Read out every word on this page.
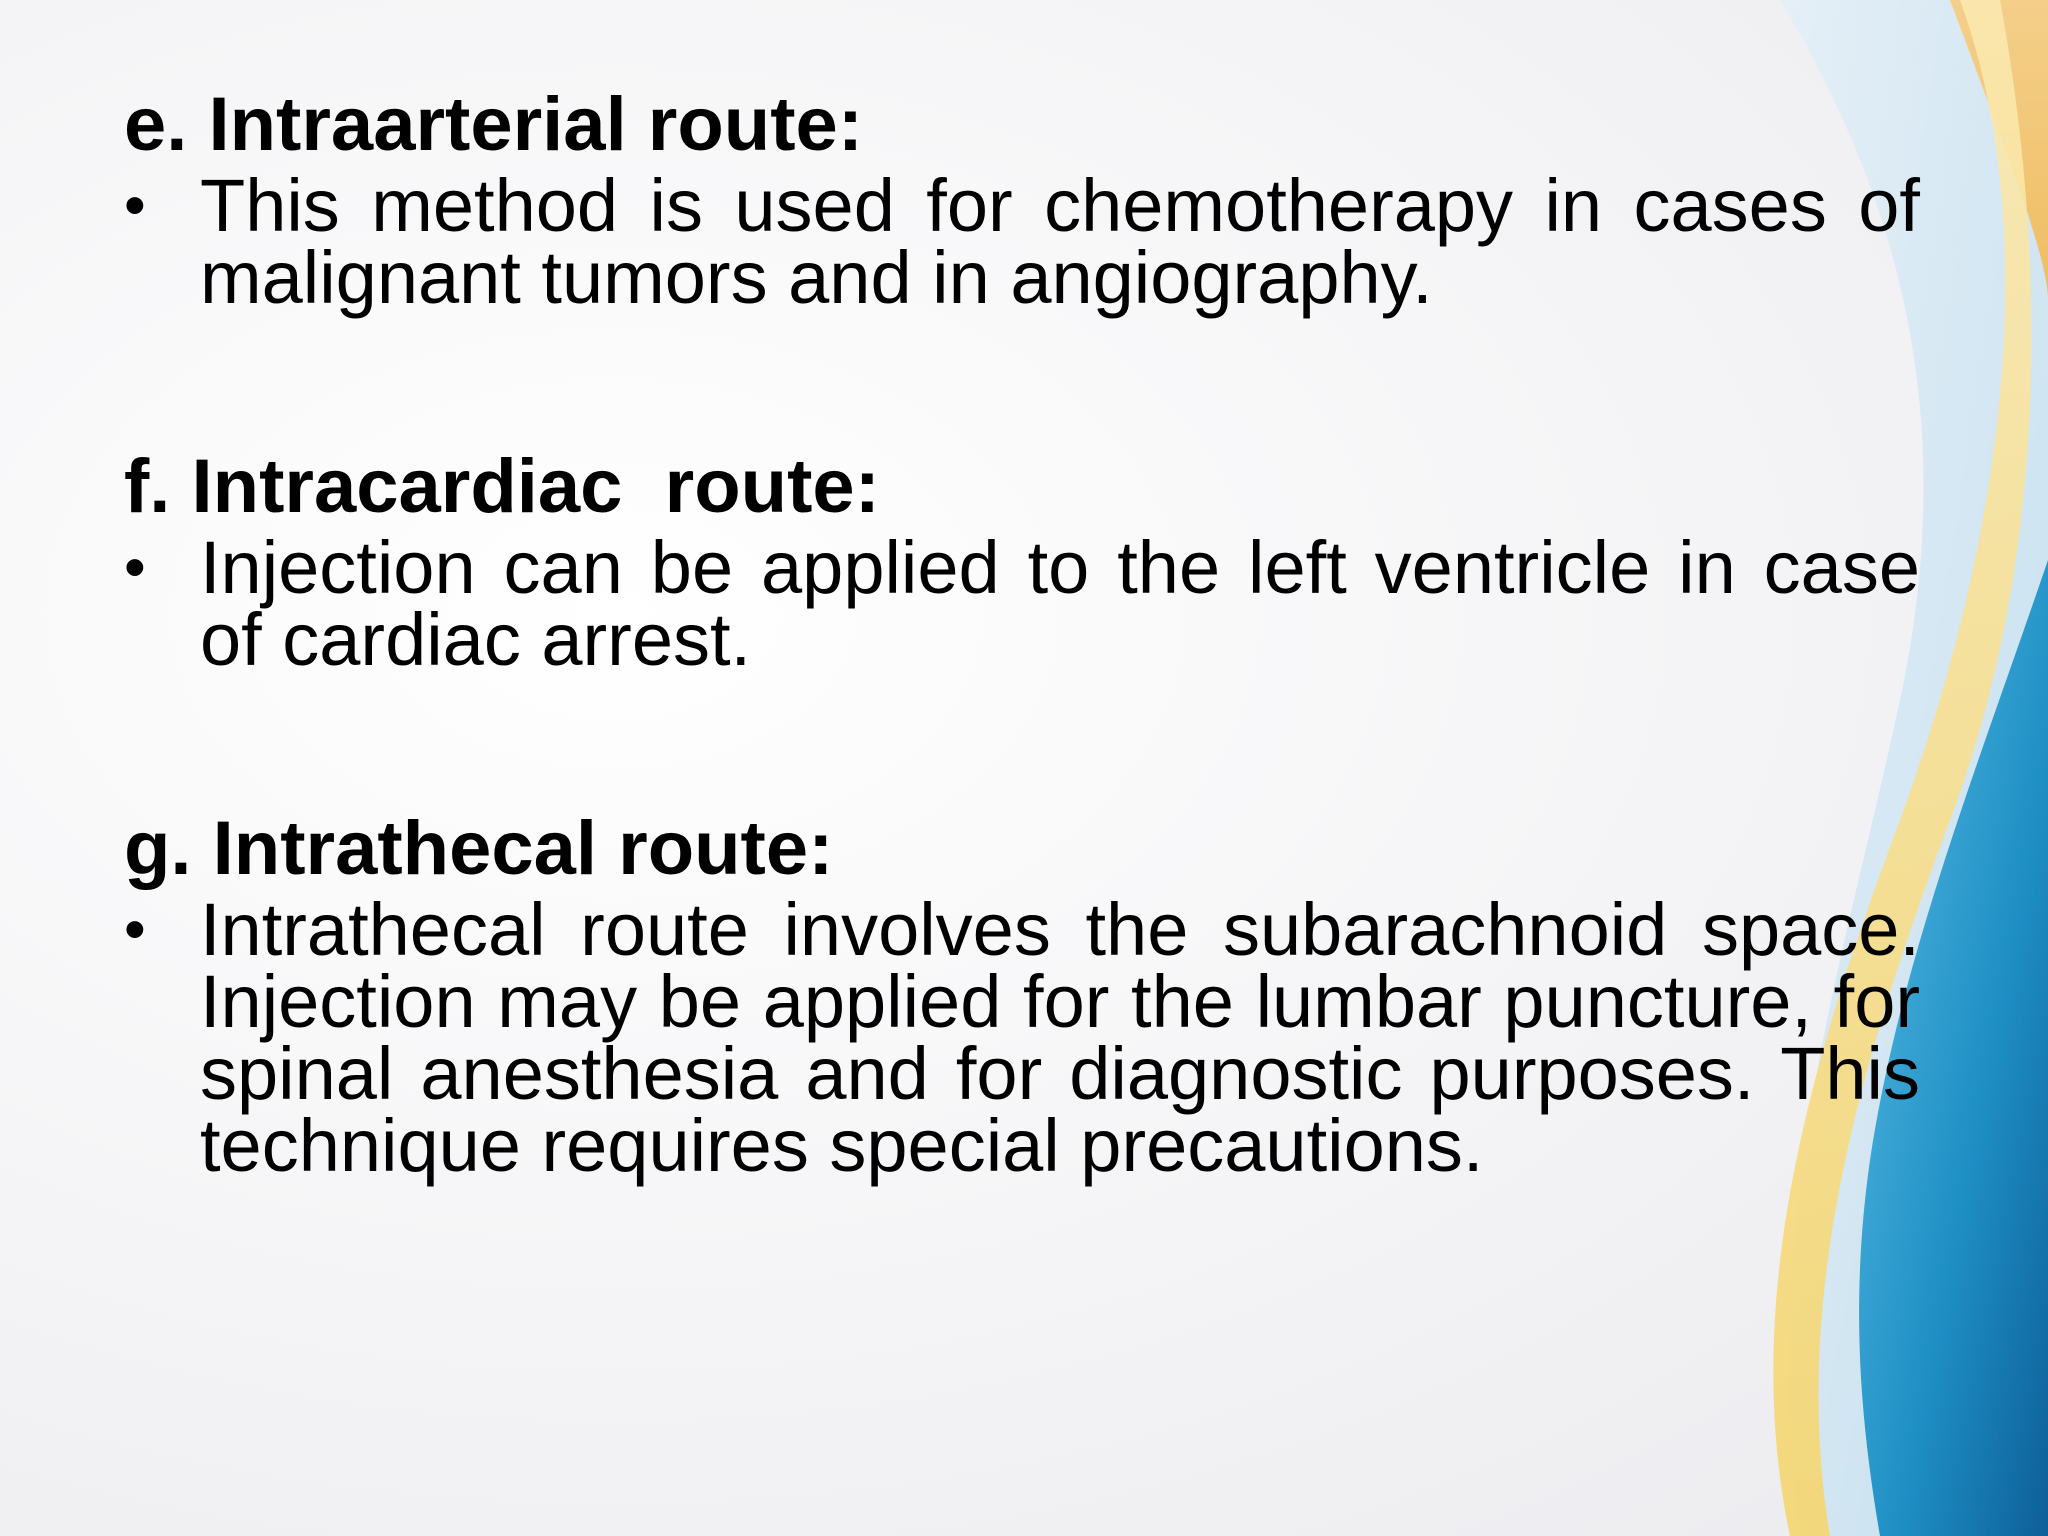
e. Intraarterial route:
• This method is used for chemotherapy in cases of malignant tumors and in angiography.
f. Intracardiac  route:
• Injection can be applied to the left ventricle in case of cardiac arrest.
g. Intrathecal route:
• Intrathecal route involves the subarachnoid space. Injection may be applied for the lumbar puncture, for spinal anesthesia and for diagnostic purposes. This technique requires special precautions.
